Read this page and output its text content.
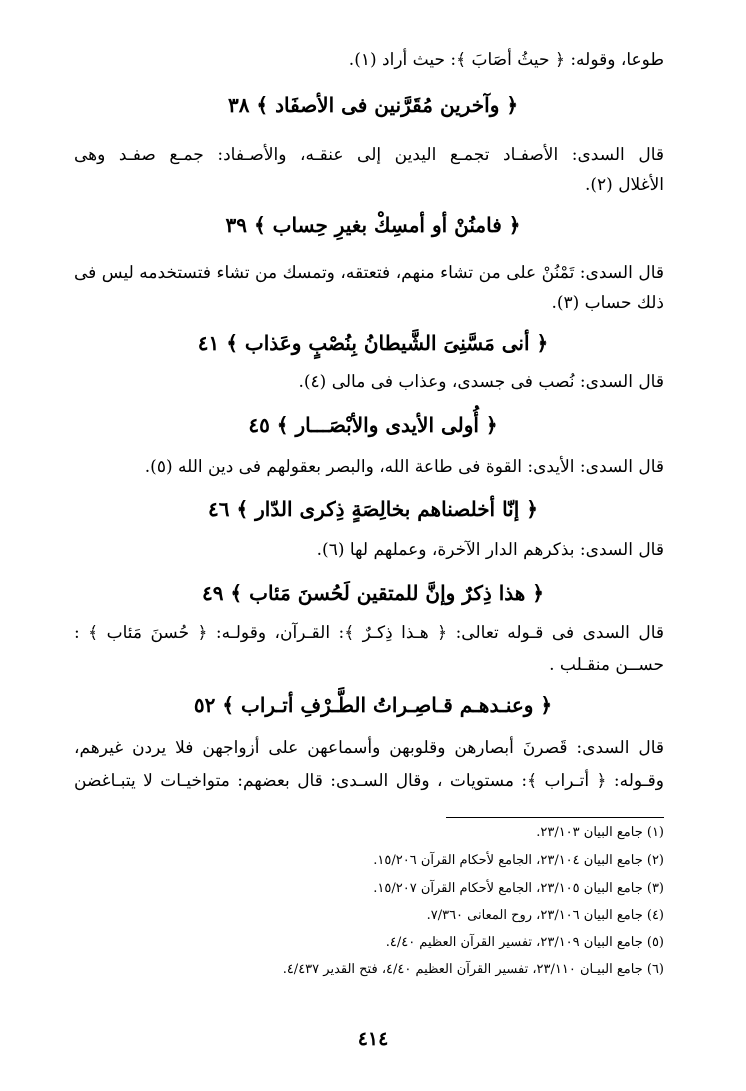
طوعا، وقوله: ﴿ حيثُ أصَابَ ﴾: حيث أراد (١).
﴿ وآخرين مُقَرَّنين فى الأصفَاد ﴾ ٣٨
قال السدى: الأصفـاد تجمـع اليدين إلى عنقـه، والأصـفاد: جمـع صفـد وهى
الأغلال (٢).
﴿ فامنُنْ أو أمسِكْ بغيرِ حِساب ﴾ ٣٩
قال السدى: تَمْنُنْ على من تشاء منهم، فتعتقه، وتمسك من تشاء فتستخدمه ليس فى
ذلك حساب (٣).
﴿ أنى مَسَّنِىَ الشَّيطانُ بِنُصْبٍ وعَذاب ﴾ ٤١
قال السدى: نُصب فى جسدى، وعذاب فى مالى (٤).
﴿ أُولى الأيدى والأبْصَـــار ﴾ ٤٥
قال السدى: الأيدى: القوة فى طاعة الله، والبصر بعقولهم فى دين الله (٥).
﴿ إنّا أخلصناهم بخالِصَةٍ ذِكرى الدّار ﴾ ٤٦
قال السدى: بذكرهم الدار الآخرة، وعملهم لها (٦).
﴿ هذا ذِكرٌ وإنَّ للمتقين لَحُسنَ مَئاب ﴾ ٤٩
قال السدى فى قـوله تعالى: ﴿ هـذا ذِكـرٌ ﴾: القـرآن، وقولـه: ﴿ حُسنَ مَئاب ﴾ :
حســن منقـلب .
﴿ وعنـدهـم قـاصِـراتُ الطَّـرْفِ أتـراب ﴾ ٥٢
قال السدى: قَصرنَ أبصارهن وقلوبهن وأسماعهن على أزواجهن فلا يردن غيرهم،
وقـوله: ﴿ أتـراب ﴾: مستويات ، وقال السـدى: قال بعضهم: متواخيـات لا يتبـاغضن
(١) جامع البيان ٢٣/١٠٣.
(٢) جامع البيان ٢٣/١٠٤، الجامع لأحكام القرآن ١٥/٢٠٦.
(٣) جامع البيان ٢٣/١٠٥، الجامع لأحكام القرآن ١٥/٢٠٧.
(٤) جامع البيان ٢٣/١٠٦، روح المعانى ٧/٣٦٠.
(٥) جامع البيان ٢٣/١٠٩، تفسير القرآن العظيم ٤/٤٠.
(٦) جامع البيـان ٢٣/١١٠، تفسير القرآن العظيم ٤/٤٠، فتح القدير ٤/٤٣٧.
٤١٤
